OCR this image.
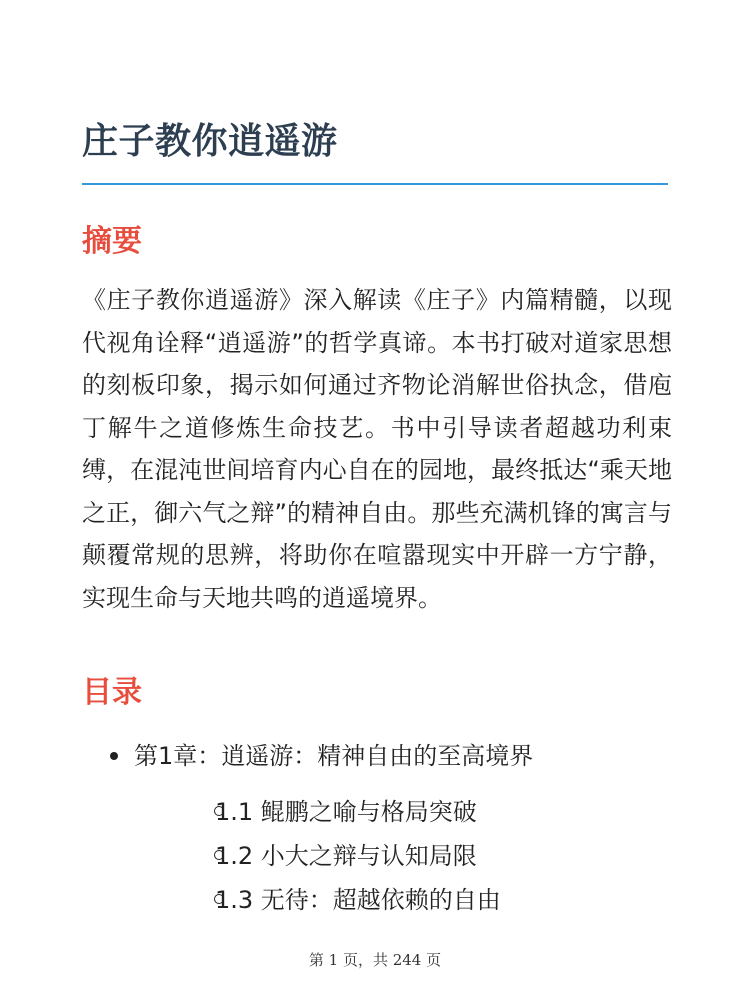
庄子教你逍遥游
摘要

《庄子教你逍遥游》深入解读《庄子》内篇精髓，以现代视角诠释“逍遥游”的哲学真谛。本书打破对道家思想的刻板印象，揭示如何通过齐物论消解世俗执念，借庖丁解牛之道修炼生命技艺。书中引导读者超越功利束缚，在混沌世间培育内心自在的园地，最终抵达“乘天地之正，御六气之辩”的精神自由。那些充满机锋的寓言与颠覆常规的思辨，将助你在喧嚣现实中开辟一方宁静，实现生命与天地共鸣的逍遥境界。

目录
第1章：逍遥游：精神自由的至高境界
1.1 鲲鹏之喻与格局突破
1.2 小大之辩与认知局限
1.3 无待：超越依赖的自由
第 1 页，共 244 页
